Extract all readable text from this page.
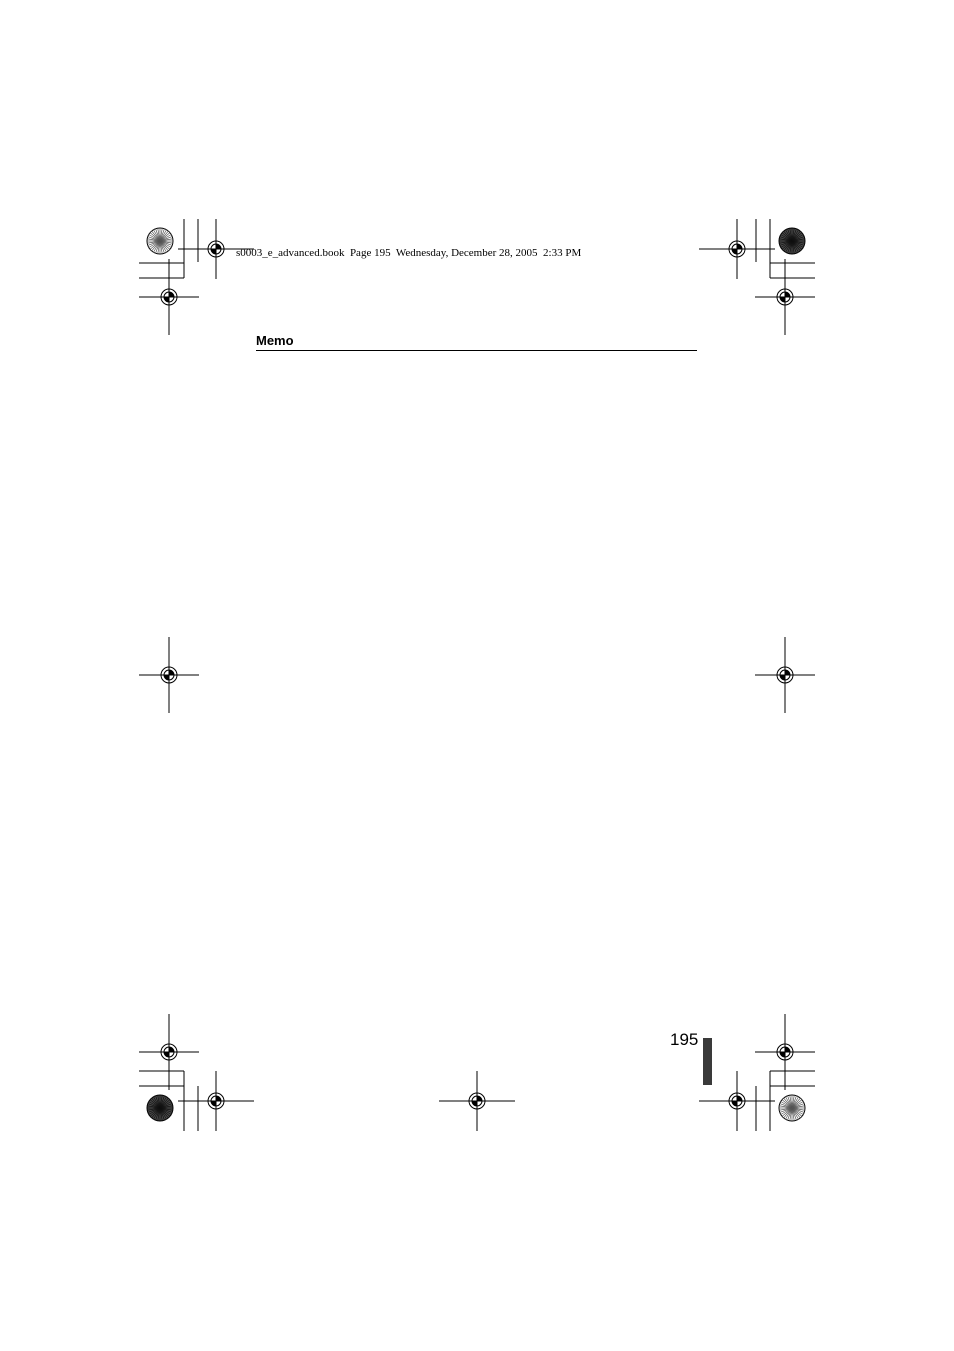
s0003_e_advanced.book  Page 195  Wednesday, December 28, 2005  2:33 PM
Memo
195
